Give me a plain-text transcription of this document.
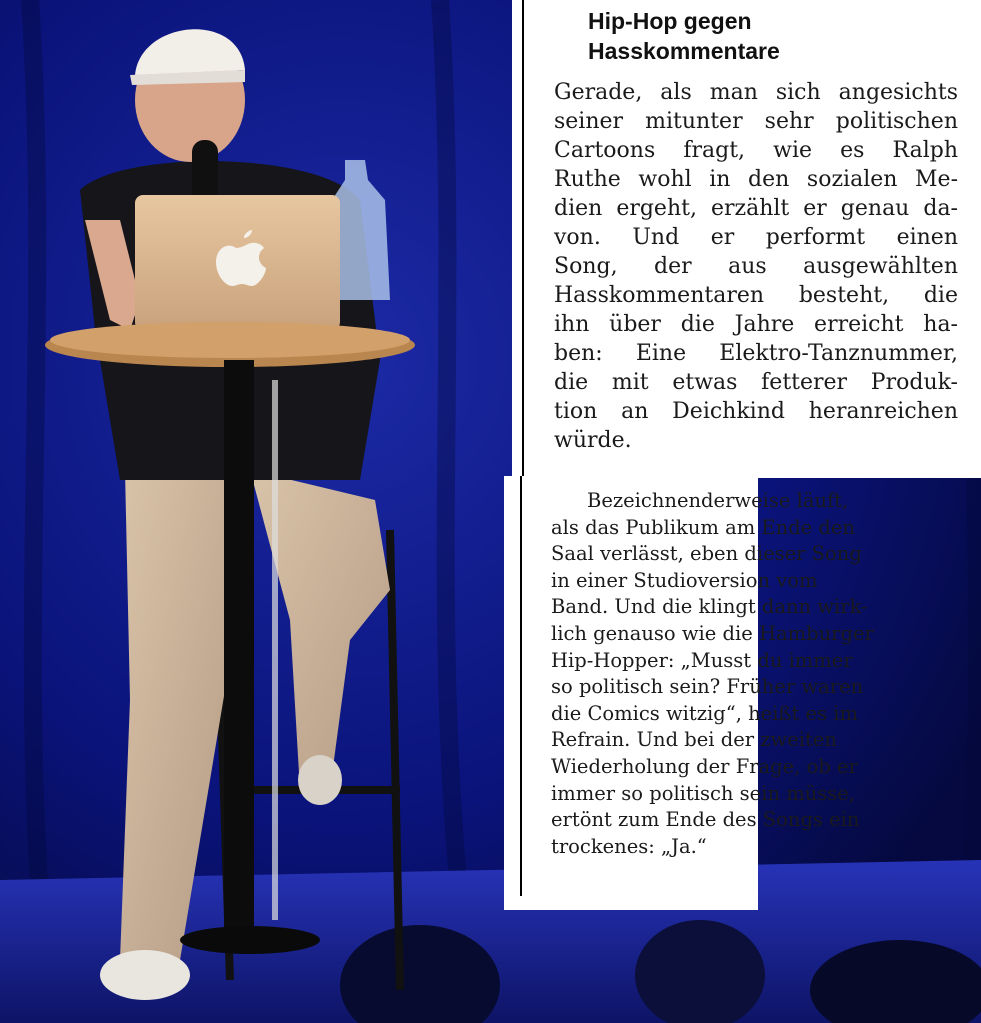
Hip-Hop gegen
Hasskommentare

Gerade, als man sich angesichts
seiner mitunter sehr politischen
Cartoons fragt, wie es Ralph
Ruthe wohl in den sozialen Me-
dien ergeht, erzählt er genau da-
von. Und er performt einen
Song, der aus ausgewählten
Hasskommentaren besteht, die
ihn über die Jahre erreicht ha-
ben: Eine Elektro-Tanznummer,
die mit etwas fetterer Produk-
tion an Deichkind heranreichen
würde.

Bezeichnenderweise läuft,
als das Publikum am Ende den
Saal verlässt, eben dieser Song
in einer Studioversion vom
Band. Und die klingt dann wirk-
lich genauso wie die Hamburger
Hip-Hopper: „Musst du immer
so politisch sein? Früher waren
die Comics witzig“, heißt es im
Refrain. Und bei der zweiten
Wiederholung der Frage, ob er
immer so politisch sein müsse,
ertönt zum Ende des Songs ein
trockenes: „Ja.“
